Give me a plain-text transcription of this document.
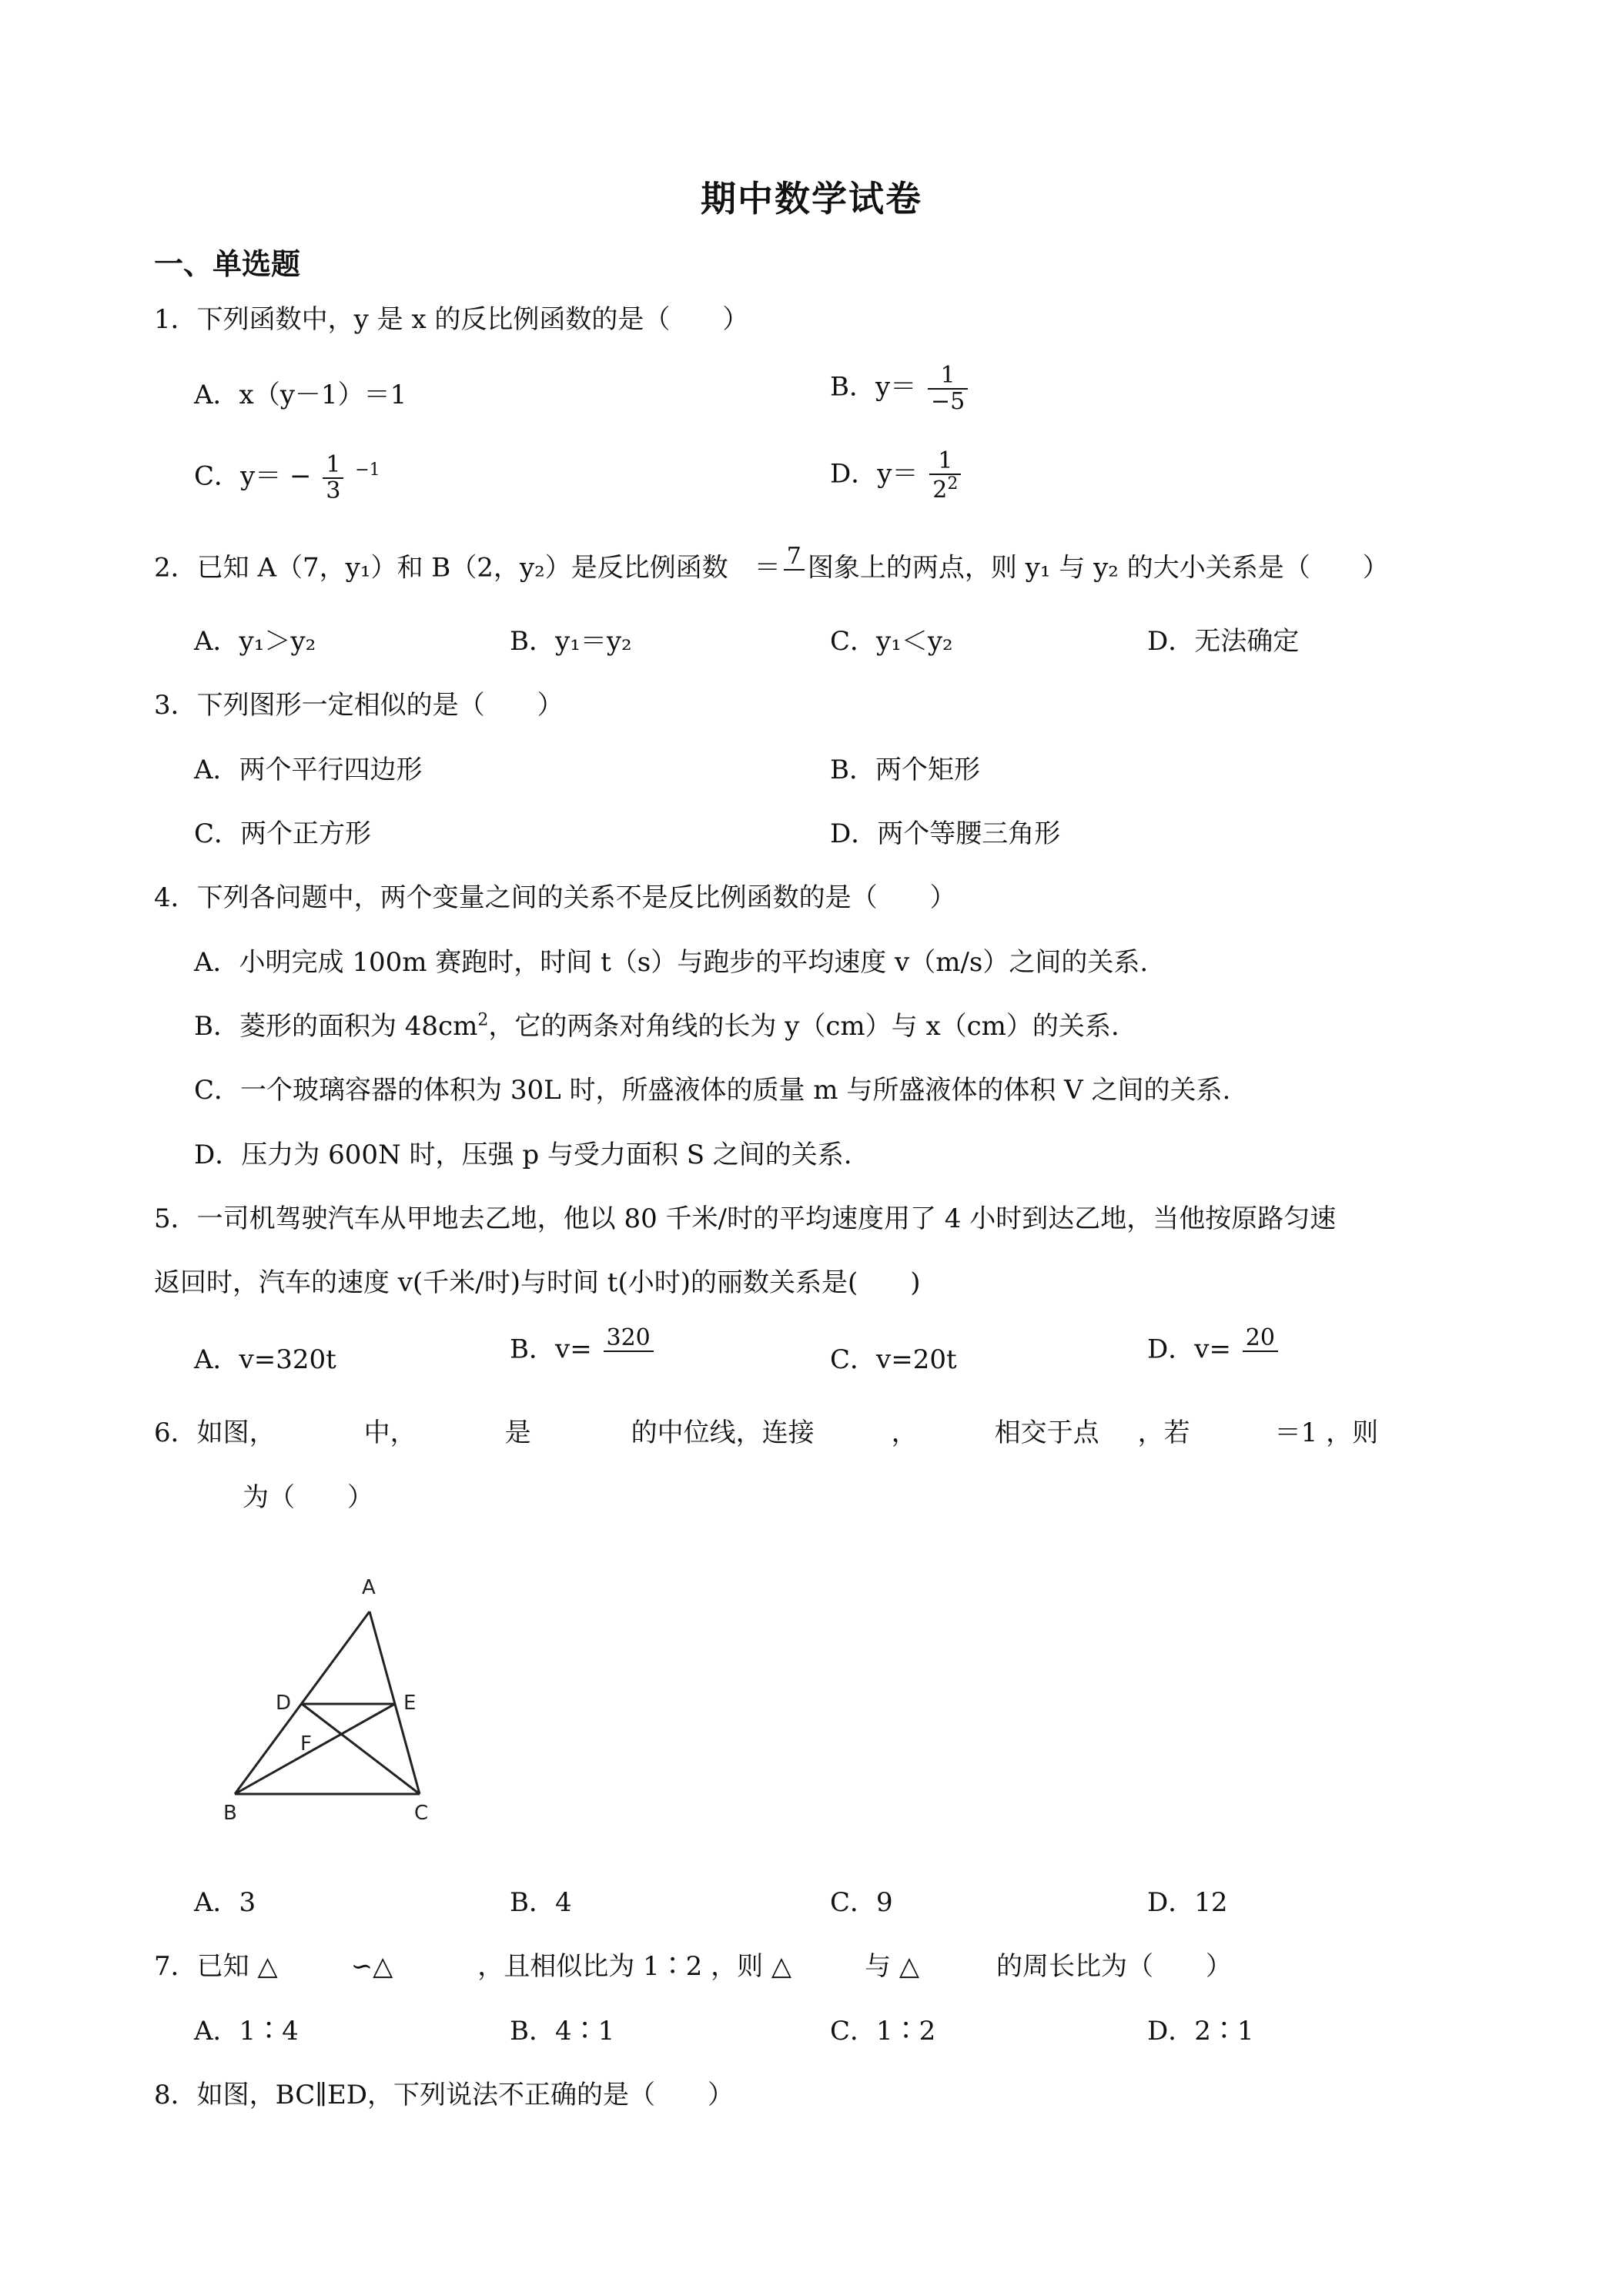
期中数学试卷
一、单选题
1．下列函数中，y 是 x 的反比例函数的是（　　）
A．x（y－1）＝1	B．$y= \frac{1}{-5}$
C．$y= - \frac{1}{3} ^{-1}$	D．$y= \frac{1}{2^2}$
2．已知 A（7，y₁）和 B（2，y₂）是反比例函数　＝ 7
图象上的两点，则 y₁ 与 y₂ 的大小关系是（　　）
A．y₁＞y₂	B．y₁＝y₂	C．y₁＜y₂	D．无法确定
3．下列图形一定相似的是（　　）
A．两个平行四边形	B．两个矩形
C．两个正方形	D．两个等腰三角形
4．下列各问题中，两个变量之间的关系不是反比例函数的是（　　）
A．小明完成 100m 赛跑时，时间 t（s）与跑步的平均速度 v（m/s）之间的关系.
B．菱形的面积为 $48cm^2$，它的两条对角线的长为 y（cm）与 x（cm）的关系.
C．一个玻璃容器的体积为 30L 时，所盛液体的质量 m 与所盛液体的体积 V 之间的关系.
D．压力为 600N 时，压强 p 与受力面积 S 之间的关系.
5．一司机驾驶汽车从甲地去乙地，他以 80 千米/时的平均速度用了 4 小时到达乙地，当他按原路匀速
返回时，汽车的速度 v(千米/时)与时间 t(小时)的丽数关系是(　　)
A．v=320t	B．v= 320

C．v=20t	D．v= 20

6．如图，	中，	是	的中位线，连接	，	相交于点 ，若	＝1 ，则
为（　　）
A
D	E
F
B	C
A．3	B．4	C．9	D．12
7．已知 △	∽△	，且相似比为 1∶2 ，则 △	与 △	的周长比为（　　）
A．1∶4	B．4∶1	C．1∶2	D．2∶1
8．如图，BC∥ED，下列说法不正确的是（　　）
